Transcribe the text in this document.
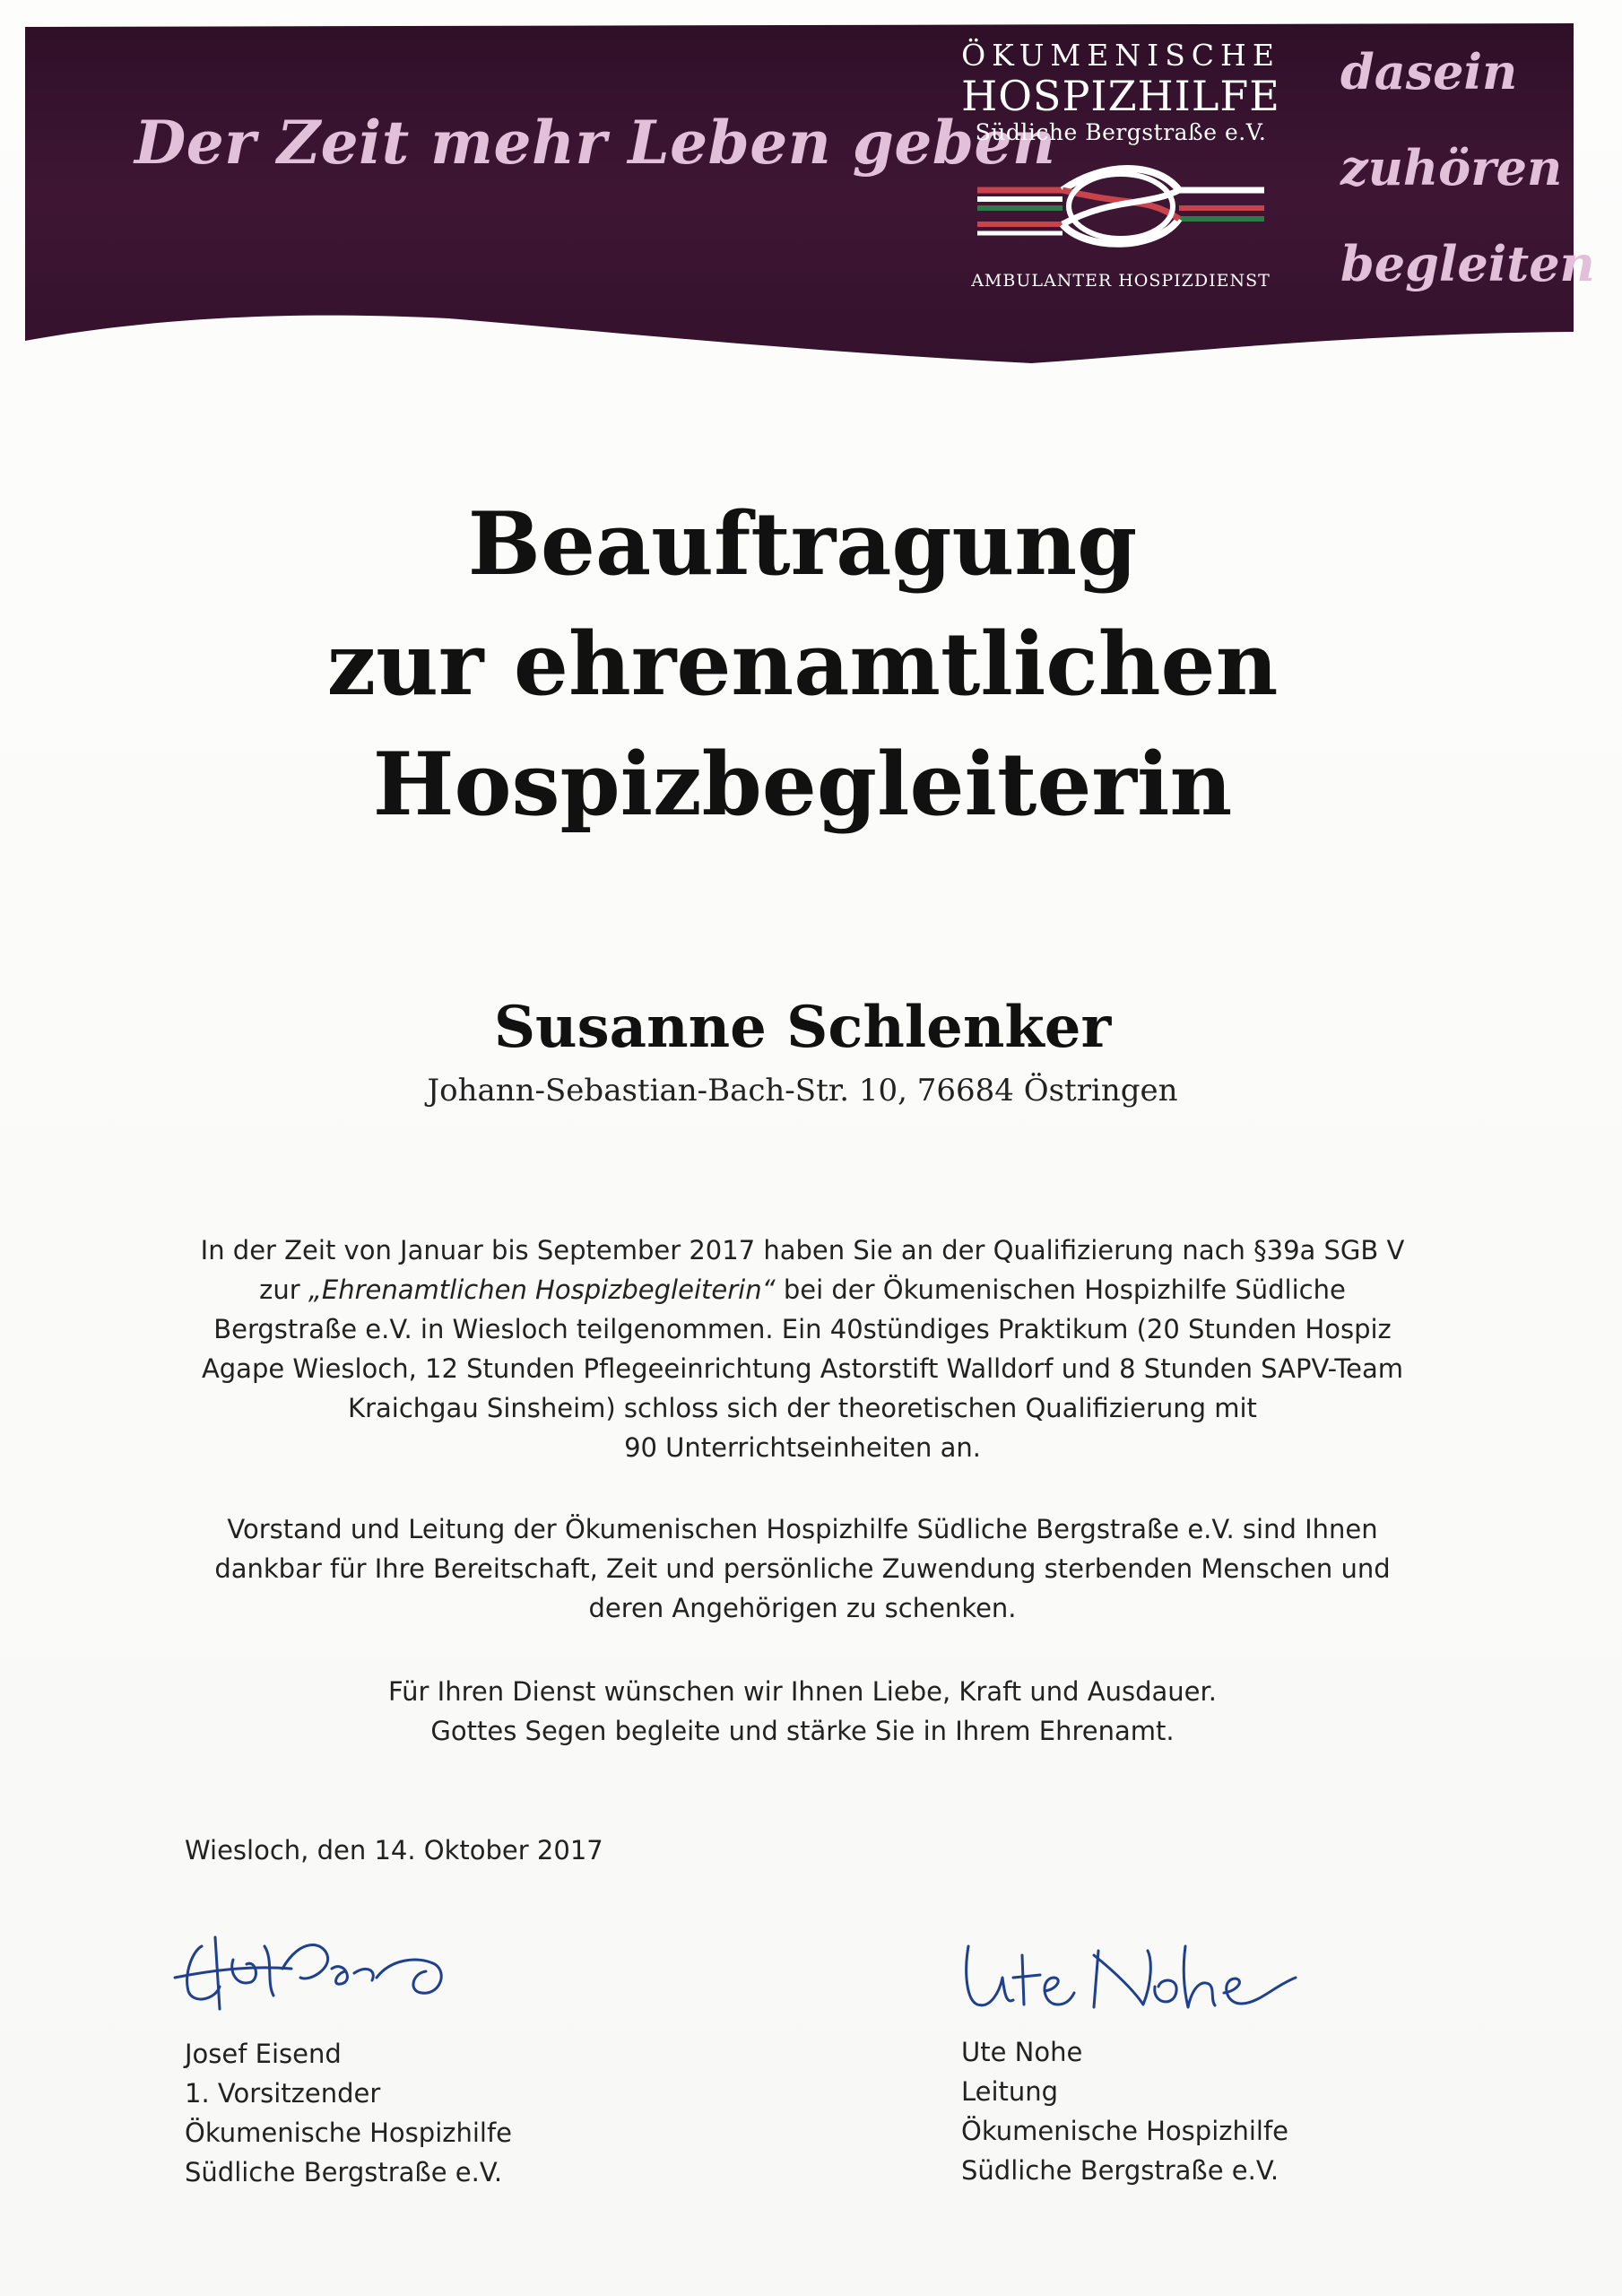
Der Zeit mehr Leben geben
ÖKUMENISCHE
HOSPIZHILFE
Südliche Bergstraße e.V.
AMBULANTER HOSPIZDIENST
dasein
zuhören
begleiten
Beauftragung
zur ehrenamtlichen
Hospizbegleiterin
Susanne Schlenker
Johann-Sebastian-Bach-Str. 10, 76684 Östringen
In der Zeit von Januar bis September 2017 haben Sie an der Qualifizierung nach §39a SGB V
zur „Ehrenamtlichen Hospizbegleiterin“ bei der Ökumenischen Hospizhilfe Südliche
Bergstraße e.V. in Wiesloch teilgenommen. Ein 40stündiges Praktikum (20 Stunden Hospiz
Agape Wiesloch, 12 Stunden Pflegeeinrichtung Astorstift Walldorf und 8 Stunden SAPV-Team
Kraichgau Sinsheim) schloss sich der theoretischen Qualifizierung mit
90 Unterrichtseinheiten an.
Vorstand und Leitung der Ökumenischen Hospizhilfe Südliche Bergstraße e.V. sind Ihnen
dankbar für Ihre Bereitschaft, Zeit und persönliche Zuwendung sterbenden Menschen und
deren Angehörigen zu schenken.
Für Ihren Dienst wünschen wir Ihnen Liebe, Kraft und Ausdauer.
Gottes Segen begleite und stärke Sie in Ihrem Ehrenamt.
Wiesloch, den 14. Oktober 2017
Josef Eisend
1. Vorsitzender
Ökumenische Hospizhilfe
Südliche Bergstraße e.V.
Ute Nohe
Leitung
Ökumenische Hospizhilfe
Südliche Bergstraße e.V.
